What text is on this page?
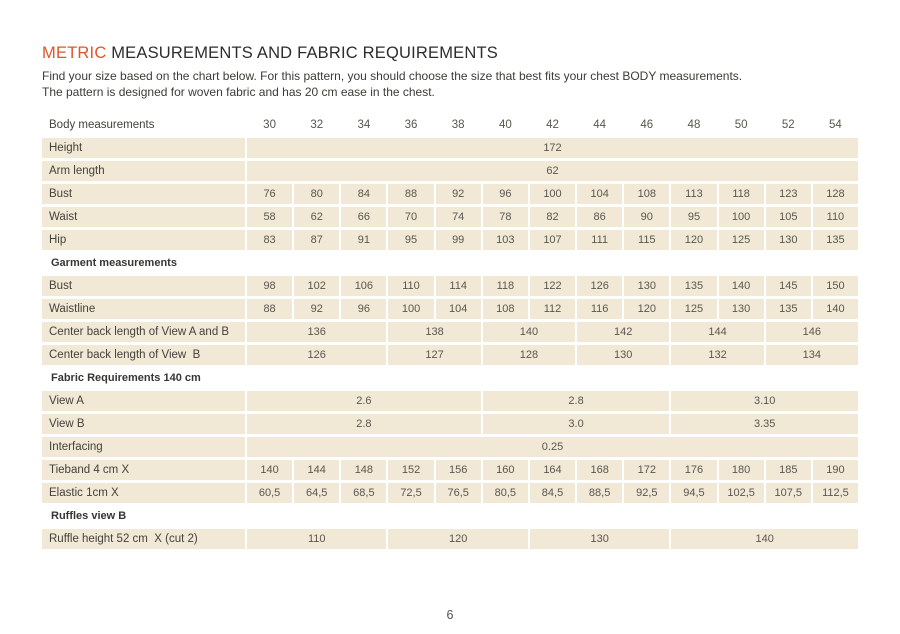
METRIC MEASUREMENTS AND FABRIC REQUIREMENTS
Find your size based on the chart below. For this pattern, you should choose the size that best fits your chest BODY measurements.
The pattern is designed for woven fabric and has 20 cm ease in the chest.
Body measurements	30	32	34	36	38	40	42	44	46	48	50	52	54
Height	172
Arm length	62
Bust	76	80	84	88	92	96	100	104	108	113	118	123	128
Waist	58	62	66	70	74	78	82	86	90	95	100	105	110
Hip	83	87	91	95	99	103	107	111	115	120	125	130	135
Garment measurements
Bust	98	102	106	110	114	118	122	126	130	135	140	145	150
Waistline	88	92	96	100	104	108	112	116	120	125	130	135	140
Center back length of View A and B	136	138	140	142	144	146
Center back length of View  B	126	127	128	130	132	134
Fabric Requirements 140 cm
View A	2.6	2.8	3.10
View B	2.8	3.0	3.35
Interfacing	0.25
Tieband 4 cm X	140	144	148	152	156	160	164	168	172	176	180	185	190
Elastic 1cm X	60,5	64,5	68,5	72,5	76,5	80,5	84,5	88,5	92,5	94,5	102,5	107,5	112,5
Ruffles view B
Ruffle height 52 cm  X (cut 2)	110	120	130	140
6
